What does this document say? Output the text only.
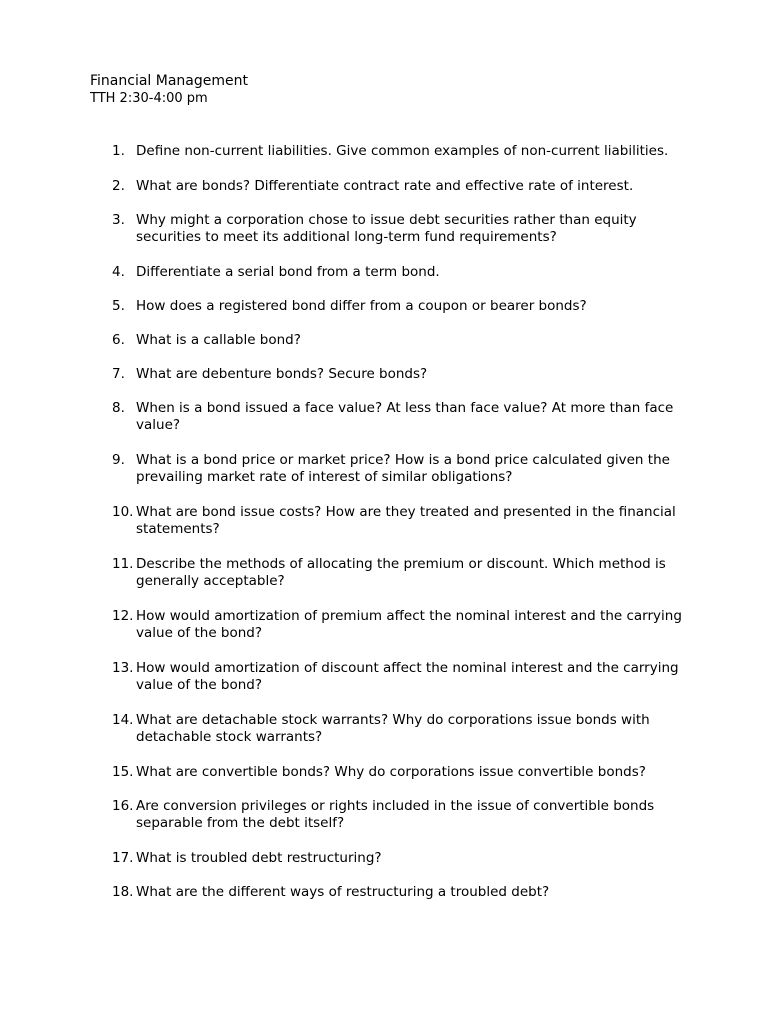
Financial Management
TTH 2:30-4:00 pm
1. Define non-current liabilities. Give common examples of non-current liabilities.
2. What are bonds? Differentiate contract rate and effective rate of interest.
3. Why might a corporation chose to issue debt securities rather than equity securities to meet its additional long-term fund requirements?
4. Differentiate a serial bond from a term bond.
5. How does a registered bond differ from a coupon or bearer bonds?
6. What is a callable bond?
7. What are debenture bonds? Secure bonds?
8. When is a bond issued a face value? At less than face value? At more than face value?
9. What is a bond price or market price? How is a bond price calculated given the prevailing market rate of interest of similar obligations?
10. What are bond issue costs? How are they treated and presented in the financial statements?
11. Describe the methods of allocating the premium or discount. Which method is generally acceptable?
12. How would amortization of premium affect the nominal interest and the carrying value of the bond?
13. How would amortization of discount affect the nominal interest and the carrying value of the bond?
14. What are detachable stock warrants? Why do corporations issue bonds with detachable stock warrants?
15. What are convertible bonds? Why do corporations issue convertible bonds?
16. Are conversion privileges or rights included in the issue of convertible bonds separable from the debt itself?
17. What is troubled debt restructuring?
18. What are the different ways of restructuring a troubled debt?
